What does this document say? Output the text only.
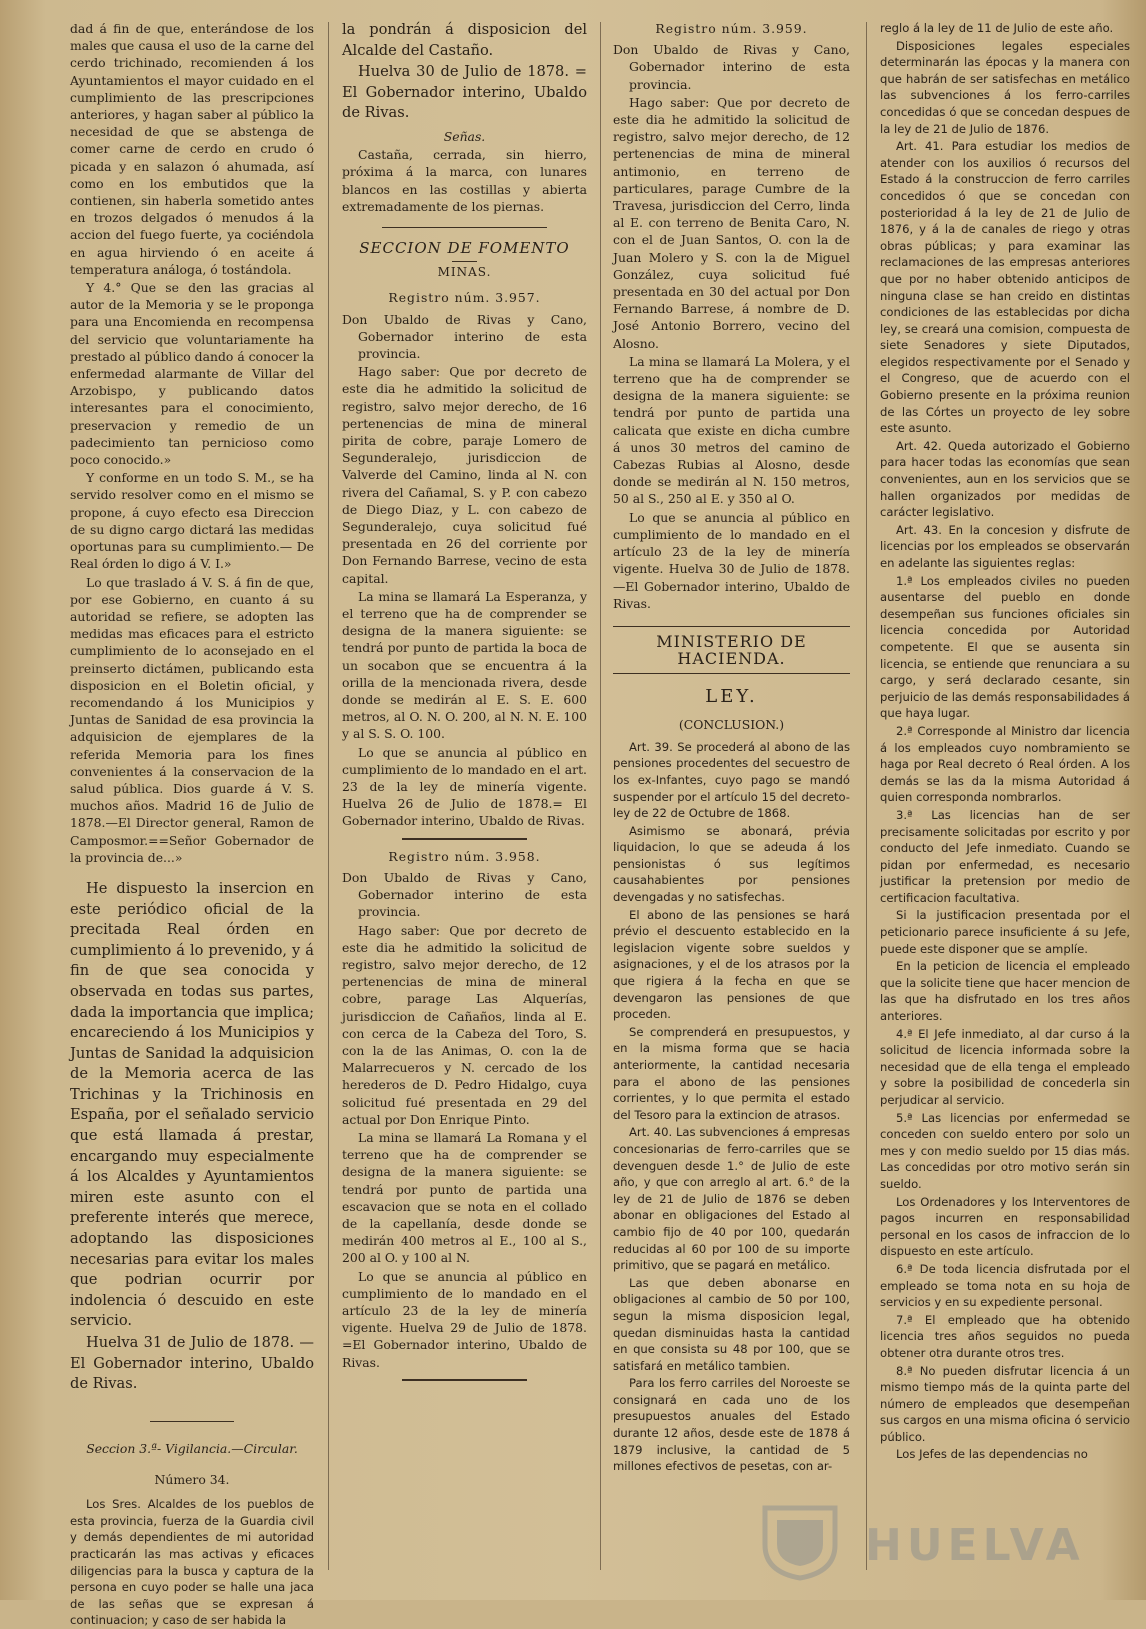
dad á fin de que, enterándose de los males que causa el uso de la carne del cerdo trichinado, recomienden á los Ayuntamientos el mayor cuidado en el cumplimiento de las prescripciones anteriores, y hagan saber al público la necesidad de que se abstenga de comer carne de cerdo en crudo ó picada y en salazon ó ahumada, así como en los embutidos que la contienen, sin haberla sometido antes en trozos delgados ó menudos á la accion del fuego fuerte, ya cociéndola en agua hirviendo ó en aceite á temperatura análoga, ó tostándola.

Y 4.° Que se den las gracias al autor de la Memoria y se le proponga para una Encomienda en recompensa del servicio que voluntariamente ha prestado al público dando á conocer la enfermedad alarmante de Villar del Arzobispo, y publicando datos interesantes para el conocimiento, preservacion y remedio de un padecimiento tan pernicioso como poco conocido.»

Y conforme en un todo S. M., se ha servido resolver como en el mismo se propone, á cuyo efecto esa Direccion de su digno cargo dictará las medidas oportunas para su cumplimiento.— De Real órden lo digo á V. I.»

Lo que traslado á V. S. á fin de que, por ese Gobierno, en cuanto á su autoridad se refiere, se adopten las medidas mas eficaces para el estricto cumplimiento de lo aconsejado en el preinserto dictámen, publicando esta disposicion en el Boletin oficial, y recomendando á los Municipios y Juntas de Sanidad de esa provincia la adquisicion de ejemplares de la referida Memoria para los fines convenientes á la conservacion de la salud pública. Dios guarde á V. S. muchos años. Madrid 16 de Julio de 1878.—El Director general, Ramon de Camposmor.==Señor Gobernador de la provincia de...»

He dispuesto la insercion en este periódico oficial de la precitada Real órden en cumplimiento á lo prevenido, y á fin de que sea conocida y observada en todas sus partes, dada la importancia que implica; encareciendo á los Municipios y Juntas de Sanidad la adquisicion de la Memoria acerca de las Trichinas y la Trichinosis en España, por el señalado servicio que está llamada á prestar, encargando muy especialmente á los Alcaldes y Ayuntamientos miren este asunto con el preferente interés que merece, adoptando las disposiciones necesarias para evitar los males que podrian ocurrir por indolencia ó descuido en este servicio.

Huelva 31 de Julio de 1878. —El Gobernador interino, Ubaldo de Rivas.

Seccion 3.ª- Vigilancia.—Circular.

Número 34.

Los Sres. Alcaldes de los pueblos de esta provincia, fuerza de la Guardia civil y demás dependientes de mi autoridad practicarán las mas activas y eficaces diligencias para la busca y captura de la persona en cuyo poder se halle una jaca de las señas que se expresan á continuacion; y caso de ser habida la

la pondrán á disposicion del Alcalde del Castaño.

Huelva 30 de Julio de 1878. = El Gobernador interino, Ubaldo de Rivas.

Señas.

Castaña, cerrada, sin hierro, próxima á la marca, con lunares blancos en las costillas y abierta extremadamente de los piernas.

SECCION DE FOMENTO

MINAS.

Registro núm. 3.957.

Don Ubaldo de Rivas y Cano, Gobernador interino de esta provincia.

Hago saber: Que por decreto de este dia he admitido la solicitud de registro, salvo mejor derecho, de 16 pertenencias de mina de mineral pirita de cobre, paraje Lomero de Segunderalejo, jurisdiccion de Valverde del Camino, linda al N. con rivera del Cañamal, S. y P. con cabezo de Diego Diaz, y L. con cabezo de Segunderalejo, cuya solicitud fué presentada en 26 del corriente por Don Fernando Barrese, vecino de esta capital.

La mina se llamará La Esperanza, y el terreno que ha de comprender se designa de la manera siguiente: se tendrá por punto de partida la boca de un socabon que se encuentra á la orilla de la mencionada rivera, desde donde se medirán al E. S. E. 600 metros, al O. N. O. 200, al N. N. E. 100 y al S. S. O. 100.

Lo que se anuncia al público en cumplimiento de lo mandado en el art. 23 de la ley de minería vigente. Huelva 26 de Julio de 1878.= El Gobernador interino, Ubaldo de Rivas.

Registro núm. 3.958.

Don Ubaldo de Rivas y Cano, Gobernador interino de esta provincia.

Hago saber: Que por decreto de este dia he admitido la solicitud de registro, salvo mejor derecho, de 12 pertenencias de mina de mineral cobre, parage Las Alquerías, jurisdiccion de Cañaños, linda al E. con cerca de la Cabeza del Toro, S. con la de las Animas, O. con la de Malarrecueros y N. cercado de los herederos de D. Pedro Hidalgo, cuya solicitud fué presentada en 29 del actual por Don Enrique Pinto.

La mina se llamará La Romana y el terreno que ha de comprender se designa de la manera siguiente: se tendrá por punto de partida una escavacion que se nota en el collado de la capellanía, desde donde se medirán 400 metros al E., 100 al S., 200 al O. y 100 al N.

Lo que se anuncia al público en cumplimiento de lo mandado en el artículo 23 de la ley de minería vigente. Huelva 29 de Julio de 1878. =El Gobernador interino, Ubaldo de Rivas.

Registro núm. 3.959.

Don Ubaldo de Rivas y Cano, Gobernador interino de esta provincia.

Hago saber: Que por decreto de este dia he admitido la solicitud de registro, salvo mejor derecho, de 12 pertenencias de mina de mineral antimonio, en terreno de particulares, parage Cumbre de la Travesa, jurisdiccion del Cerro, linda al E. con terreno de Benita Caro, N. con el de Juan Santos, O. con la de Juan Molero y S. con la de Miguel González, cuya solicitud fué presentada en 30 del actual por Don Fernando Barrese, á nombre de D. José Antonio Borrero, vecino del Alosno.

La mina se llamará La Molera, y el terreno que ha de comprender se designa de la manera siguiente: se tendrá por punto de partida una calicata que existe en dicha cumbre á unos 30 metros del camino de Cabezas Rubias al Alosno, desde donde se medirán al N. 150 metros, 50 al S., 250 al E. y 350 al O.

Lo que se anuncia al público en cumplimiento de lo mandado en el artículo 23 de la ley de minería vigente. Huelva 30 de Julio de 1878. —El Gobernador interino, Ubaldo de Rivas.

MINISTERIO DE HACIENDA.

LEY.

(CONCLUSION.)

Art. 39. Se procederá al abono de las pensiones procedentes del secuestro de los ex-Infantes, cuyo pago se mandó suspender por el artículo 15 del decreto-ley de 22 de Octubre de 1868.

Asimismo se abonará, prévia liquidacion, lo que se adeuda á los pensionistas ó sus legítimos causahabientes por pensiones devengadas y no satisfechas.

El abono de las pensiones se hará prévio el descuento establecido en la legislacion vigente sobre sueldos y asignaciones, y el de los atrasos por la que rigiera á la fecha en que se devengaron las pensiones de que proceden.

Se comprenderá en presupuestos, y en la misma forma que se hacia anteriormente, la cantidad necesaria para el abono de las pensiones corrientes, y lo que permita el estado del Tesoro para la extincion de atrasos.

Art. 40. Las subvenciones á empresas concesionarias de ferro-carriles que se devenguen desde 1.° de Julio de este año, y que con arreglo al art. 6.° de la ley de 21 de Julio de 1876 se deben abonar en obligaciones del Estado al cambio fijo de 40 por 100, quedarán reducidas al 60 por 100 de su importe primitivo, que se pagará en metálico.

Las que deben abonarse en obligaciones al cambio de 50 por 100, segun la misma disposicion legal, quedan disminuidas hasta la cantidad en que consista su 48 por 100, que se satisfará en metálico tambien.

Para los ferro carriles del Noroeste se consignará en cada uno de los presupuestos anuales del Estado durante 12 años, desde este de 1878 á 1879 inclusive, la cantidad de 5 millones efectivos de pesetas, con ar-

reglo á la ley de 11 de Julio de este año.

Disposiciones legales especiales determinarán las épocas y la manera con que habrán de ser satisfechas en metálico las subvenciones á los ferro-carriles concedidas ó que se concedan despues de la ley de 21 de Julio de 1876.

Art. 41. Para estudiar los medios de atender con los auxilios ó recursos del Estado á la construccion de ferro carriles concedidos ó que se concedan con posterioridad á la ley de 21 de Julio de 1876, y á la de canales de riego y otras obras públicas; y para examinar las reclamaciones de las empresas anteriores que por no haber obtenido anticipos de ninguna clase se han creido en distintas condiciones de las establecidas por dicha ley, se creará una comision, compuesta de siete Senadores y siete Diputados, elegidos respectivamente por el Senado y el Congreso, que de acuerdo con el Gobierno presente en la próxima reunion de las Córtes un proyecto de ley sobre este asunto.

Art. 42. Queda autorizado el Gobierno para hacer todas las economías que sean convenientes, aun en los servicios que se hallen organizados por medidas de carácter legislativo.

Art. 43. En la concesion y disfrute de licencias por los empleados se observarán en adelante las siguientes reglas:

1.ª Los empleados civiles no pueden ausentarse del pueblo en donde desempeñan sus funciones oficiales sin licencia concedida por Autoridad competente. El que se ausenta sin licencia, se entiende que renunciara a su cargo, y será declarado cesante, sin perjuicio de las demás responsabilidades á que haya lugar.

2.ª Corresponde al Ministro dar licencia á los empleados cuyo nombramiento se haga por Real decreto ó Real órden. A los demás se las da la misma Autoridad á quien corresponda nombrarlos.

3.ª Las licencias han de ser precisamente solicitadas por escrito y por conducto del Jefe inmediato. Cuando se pidan por enfermedad, es necesario justificar la pretension por medio de certificacion facultativa.

Si la justificacion presentada por el peticionario parece insuficiente á su Jefe, puede este disponer que se amplíe.

En la peticion de licencia el empleado que la solicite tiene que hacer mencion de las que ha disfrutado en los tres años anteriores.

4.ª El Jefe inmediato, al dar curso á la solicitud de licencia informada sobre la necesidad que de ella tenga el empleado y sobre la posibilidad de concederla sin perjudicar al servicio.

5.ª Las licencias por enfermedad se conceden con sueldo entero por solo un mes y con medio sueldo por 15 dias más. Las concedidas por otro motivo serán sin sueldo.

Los Ordenadores y los Interventores de pagos incurren en responsabilidad personal en los casos de infraccion de lo dispuesto en este artículo.

6.ª De toda licencia disfrutada por el empleado se toma nota en su hoja de servicios y en su expediente personal.

7.ª El empleado que ha obtenido licencia tres años seguidos no pueda obtener otra durante otros tres.

8.ª No pueden disfrutar licencia á un mismo tiempo más de la quinta parte del número de empleados que desempeñan sus cargos en una misma oficina ó servicio público.

Los Jefes de las dependencias no

HUELVA
